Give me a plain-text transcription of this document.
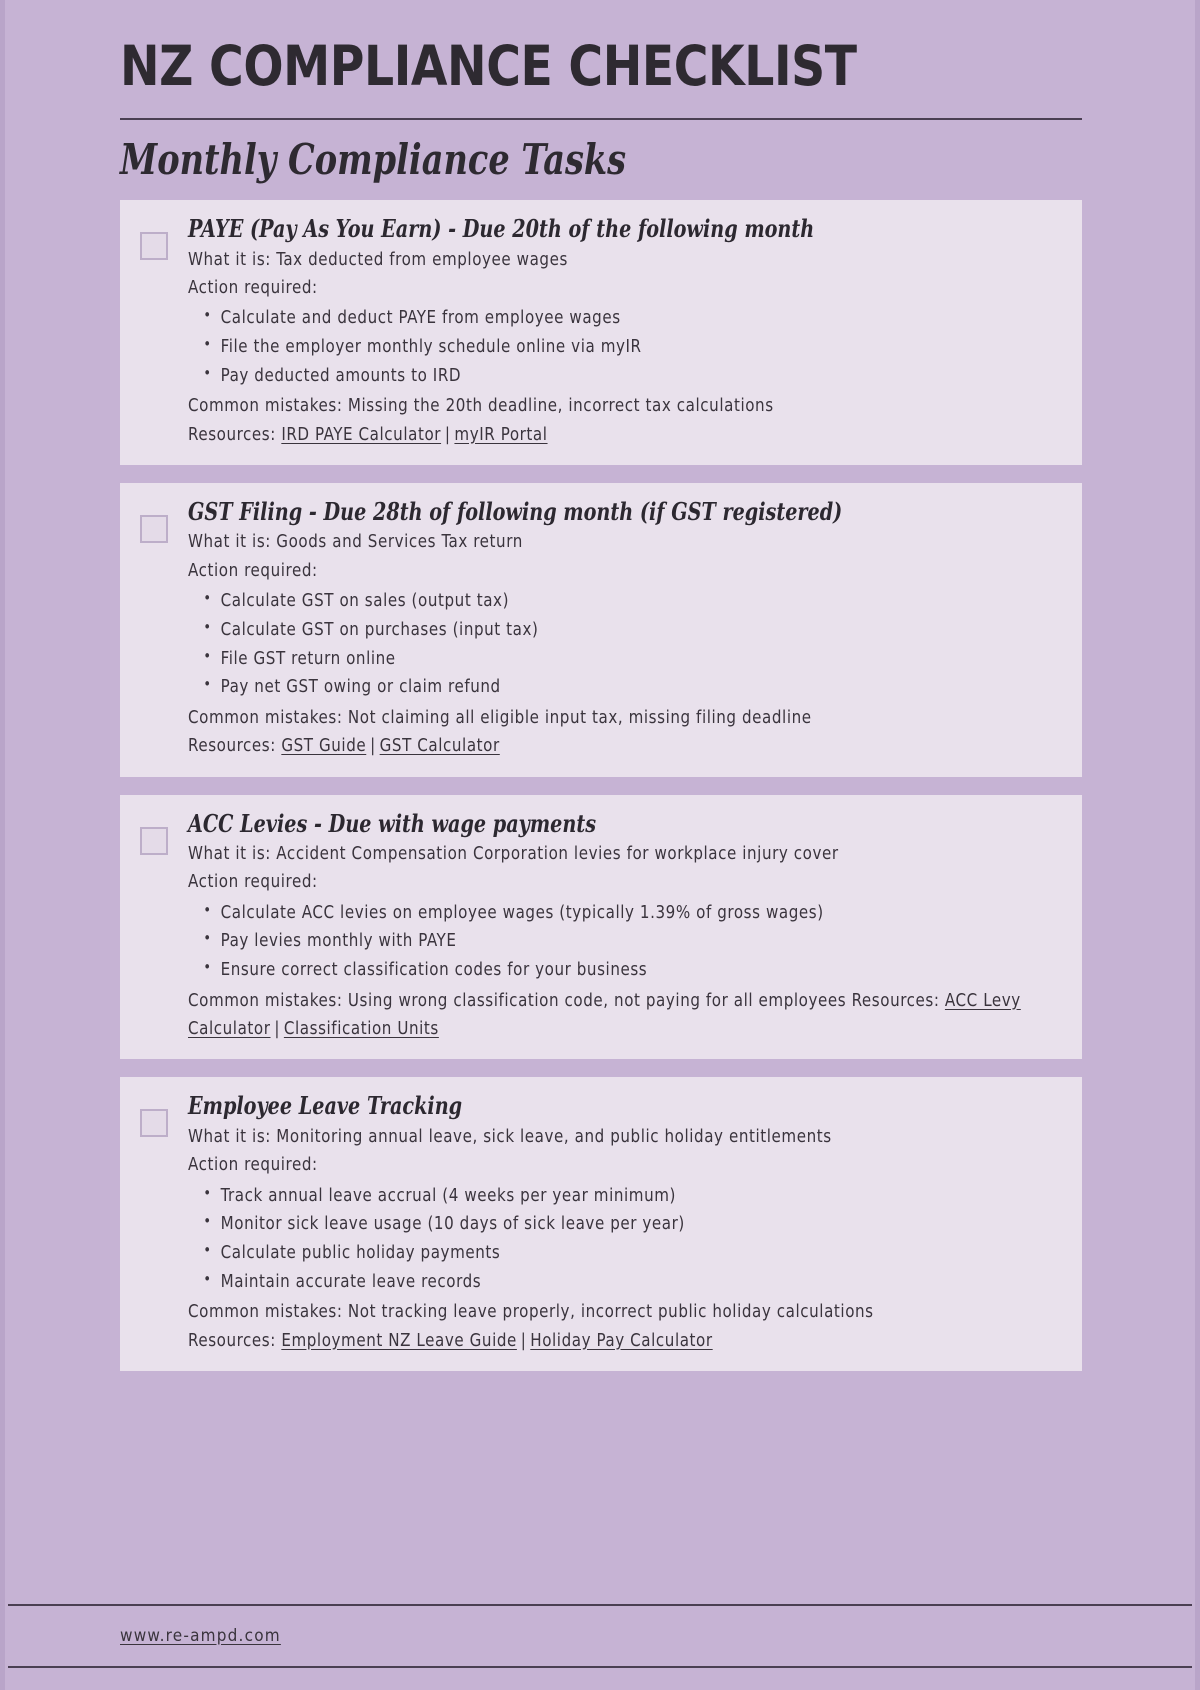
NZ COMPLIANCE CHECKLIST
Monthly Compliance Tasks
PAYE (Pay As You Earn) - Due 20th of the following month
What it is: Tax deducted from employee wages
Action required:
• Calculate and deduct PAYE from employee wages
• File the employer monthly schedule online via myIR
• Pay deducted amounts to IRD
Common mistakes: Missing the 20th deadline, incorrect tax calculations
Resources: IRD PAYE Calculator | myIR Portal
GST Filing - Due 28th of following month (if GST registered)
What it is: Goods and Services Tax return
Action required:
• Calculate GST on sales (output tax)
• Calculate GST on purchases (input tax)
• File GST return online
• Pay net GST owing or claim refund
Common mistakes: Not claiming all eligible input tax, missing filing deadline
Resources: GST Guide | GST Calculator
ACC Levies - Due with wage payments
What it is: Accident Compensation Corporation levies for workplace injury cover
Action required:
• Calculate ACC levies on employee wages (typically 1.39% of gross wages)
• Pay levies monthly with PAYE
• Ensure correct classification codes for your business
Common mistakes: Using wrong classification code, not paying for all employees Resources: ACC Levy Calculator | Classification Units
Employee Leave Tracking
What it is: Monitoring annual leave, sick leave, and public holiday entitlements
Action required:
• Track annual leave accrual (4 weeks per year minimum)
• Monitor sick leave usage (10 days of sick leave per year)
• Calculate public holiday payments
• Maintain accurate leave records
Common mistakes: Not tracking leave properly, incorrect public holiday calculations
Resources: Employment NZ Leave Guide | Holiday Pay Calculator
www.re-ampd.com
